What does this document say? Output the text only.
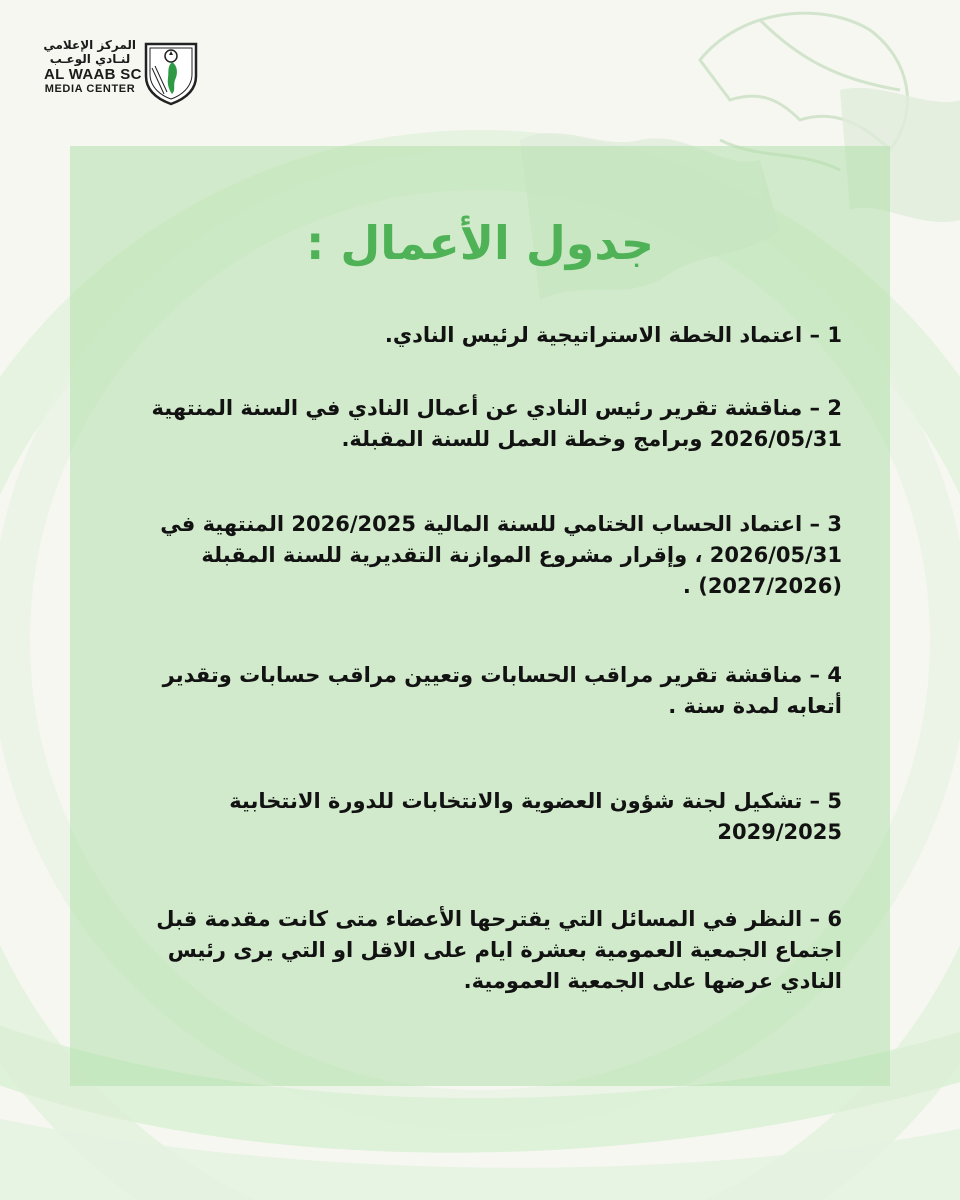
المركز الإعلامي
لنـادي الوعـب
AL WAAB SC
MEDIA CENTER
جدول الأعمال :

1 – اعتماد الخطة الاستراتيجية لرئيس النادي.

2 – مناقشة تقرير رئيس النادي عن أعمال النادي في السنة المنتهية 2026/05/31 وبرامج وخطة العمل للسنة المقبلة.

3 – اعتماد الحساب الختامي للسنة المالية 2026/2025 المنتهية في 2026/05/31 ، وإقرار مشروع الموازنة التقديرية للسنة المقبلة (2027/2026) .

4 – مناقشة تقرير مراقب الحسابات وتعيين مراقب حسابات وتقدير أتعابه لمدة سنة .

5 – تشكيل لجنة شؤون العضوية والانتخابات للدورة الانتخابية 2029/2025

6 – النظر في المسائل التي يقترحها الأعضاء متى كانت مقدمة قبل اجتماع الجمعية العمومية بعشرة ايام على الاقل او التي يرى رئيس النادي عرضها على الجمعية العمومية.
